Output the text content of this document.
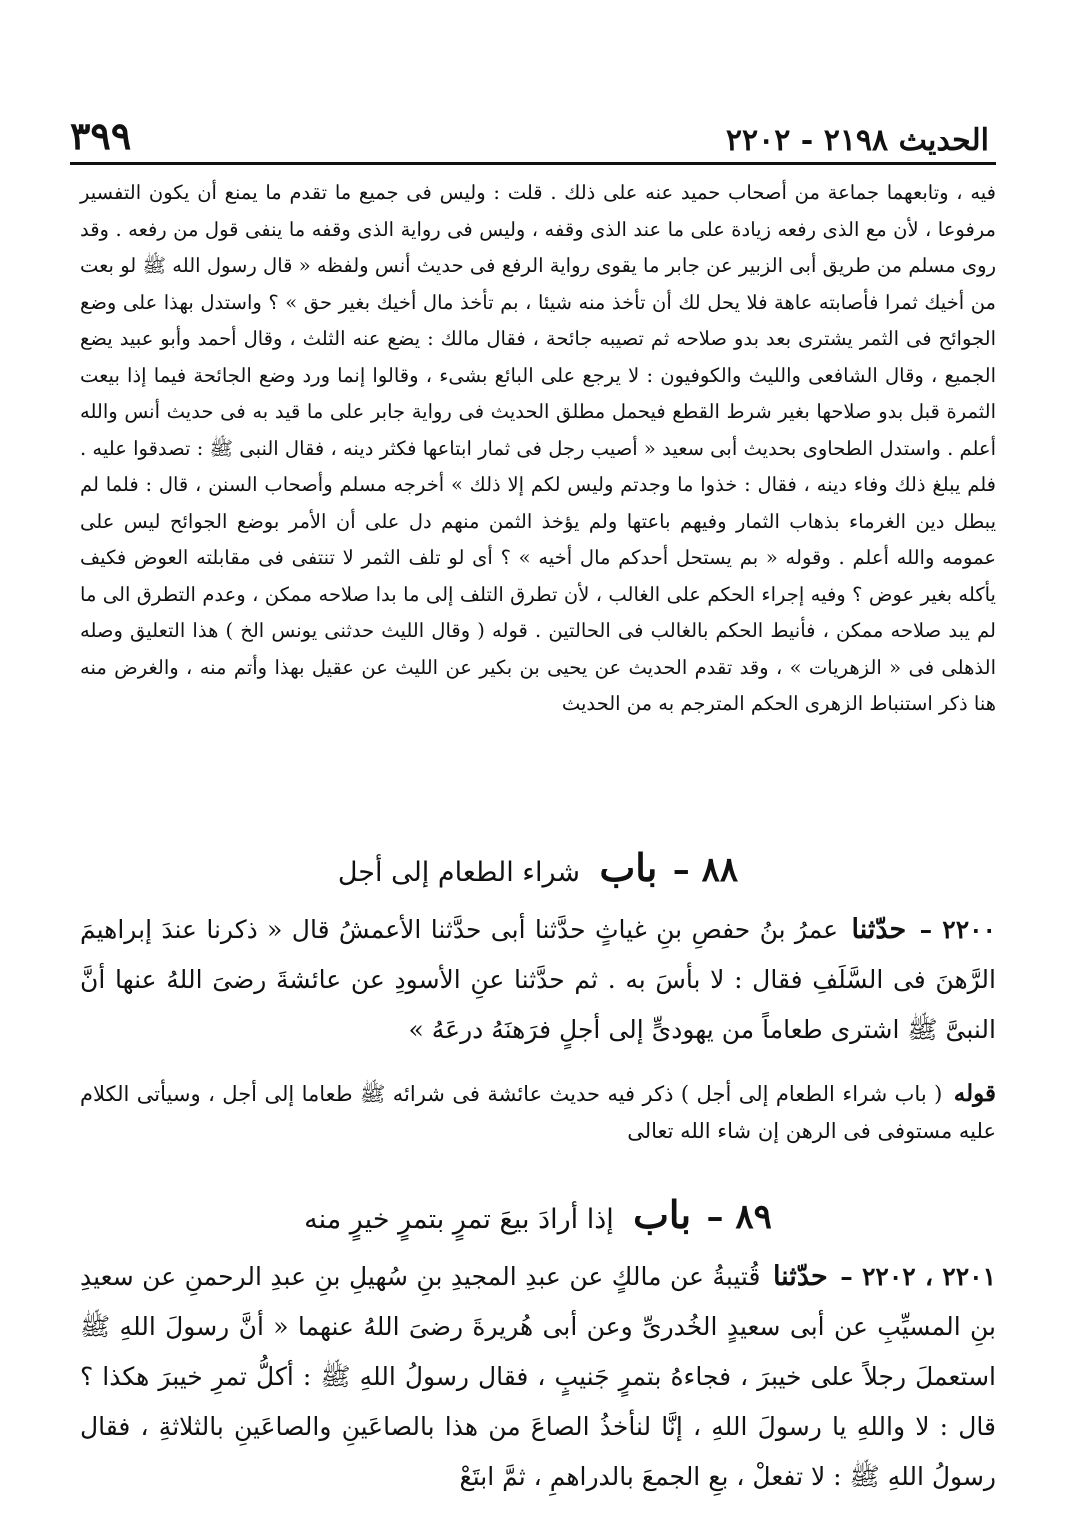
الحديث ٢١٩٨ - ٢٢٠٢
٣٩٩

فيه ، وتابعهما جماعة من أصحاب حميد عنه على ذلك . قلت : وليس فى جميع ما تقدم ما يمنع أن يكون التفسير مرفوعا ، لأن مع الذى رفعه زيادة على ما عند الذى وقفه ، وليس فى رواية الذى وقفه ما ينفى قول من رفعه . وقد روى مسلم من طريق أبى الزبير عن جابر ما يقوى رواية الرفع فى حديث أنس ولفظه « قال رسول الله ﷺ لو بعت من أخيك ثمرا فأصابته عاهة فلا يحل لك أن تأخذ منه شيئا ، بم تأخذ مال أخيك بغير حق » ؟ واستدل بهذا على وضع الجوائح فى الثمر يشترى بعد بدو صلاحه ثم تصيبه جائحة ، فقال مالك : يضع عنه الثلث ، وقال أحمد وأبو عبيد يضع الجميع ، وقال الشافعى والليث والكوفيون : لا يرجع على البائع بشىء ، وقالوا إنما ورد وضع الجائحة فيما إذا بيعت الثمرة قبل بدو صلاحها بغير شرط القطع فيحمل مطلق الحديث فى رواية جابر على ما قيد به فى حديث أنس والله أعلم . واستدل الطحاوى بحديث أبى سعيد « أصيب رجل فى ثمار ابتاعها فكثر دينه ، فقال النبى ﷺ : تصدقوا عليه . فلم يبلغ ذلك وفاء دينه ، فقال : خذوا ما وجدتم وليس لكم إلا ذلك » أخرجه مسلم وأصحاب السنن ، قال : فلما لم يبطل دين الغرماء بذهاب الثمار وفيهم باعتها ولم يؤخذ الثمن منهم دل على أن الأمر بوضع الجوائح ليس على عمومه والله أعلم . وقوله « بم يستحل أحدكم مال أخيه » ؟ أى لو تلف الثمر لا تنتفى فى مقابلته العوض فكيف يأكله بغير عوض ؟ وفيه إجراء الحكم على الغالب ، لأن تطرق التلف إلى ما بدا صلاحه ممكن ، وعدم التطرق الى ما لم يبد صلاحه ممكن ، فأنيط الحكم بالغالب فى الحالتين . قوله ( وقال الليث حدثنى يونس الخ ) هذا التعليق وصله الذهلى فى « الزهريات » ، وقد تقدم الحديث عن يحيى بن بكير عن الليث عن عقيل بهذا وأتم منه ، والغرض منه هنا ذكر استنباط الزهرى الحكم المترجم به من الحديث

٨٨ – باب شراء الطعام إلى أجل

٢٢٠٠ – حدّثنا عمرُ بنُ حفصِ بنِ غياثٍ حدَّثنا أبى حدَّثنا الأعمشُ قال « ذكرنا عندَ إبراهيمَ الرَّهنَ فى السَّلَفِ فقال : لا بأسَ به . ثم حدَّثنا عنِ الأسودِ عن عائشةَ رضىَ اللهُ عنها أنَّ النبىَّ ﷺ اشترى طعاماً من يهودىٍّ إلى أجلٍ فرَهنَهُ درعَهُ »

قوله ( باب شراء الطعام إلى أجل ) ذكر فيه حديث عائشة فى شرائه ﷺ طعاما إلى أجل ، وسيأتى الكلام عليه مستوفى فى الرهن إن شاء الله تعالى

٨٩ – باب إذا أرادَ بيعَ تمرٍ بتمرٍ خيرٍ منه

٢٢٠١ ، ٢٢٠٢ – حدّثنا قُتيبةُ عن مالكٍ عن عبدِ المجيدِ بنِ سُهيلِ بنِ عبدِ الرحمنِ عن سعيدِ بنِ المسيِّبِ عن أبى سعيدٍ الخُدرىِّ وعن أبى هُريرةَ رضىَ اللهُ عنهما « أنَّ رسولَ اللهِ ﷺ استعملَ رجلاً على خيبرَ ، فجاءهُ بتمرٍ جَنيبٍ ، فقال رسولُ اللهِ ﷺ : أكلُّ تمرِ خيبرَ هكذا ؟ قال : لا واللهِ يا رسولَ اللهِ ، إنَّا لنأخذُ الصاعَ من هذا بالصاعَينِ والصاعَينِ بالثلاثةِ ، فقال رسولُ اللهِ ﷺ : لا تفعلْ ، بعِ الجمعَ بالدراهمِ ، ثمَّ ابتَعْ
